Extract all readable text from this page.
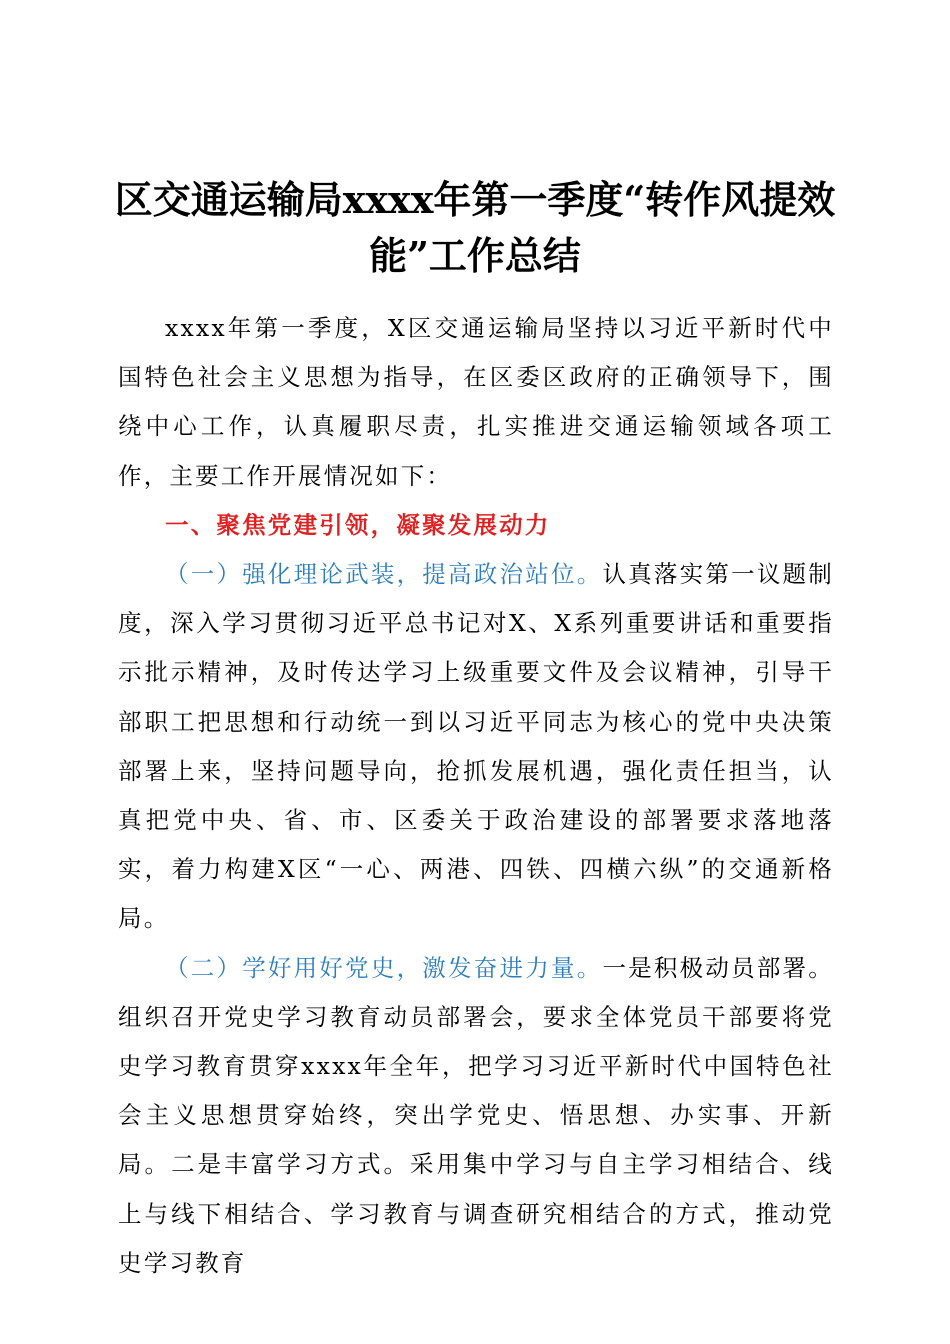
区交通运输局xxxx年第一季度“转作风提效能”工作总结

xxxx年第一季度，X区交通运输局坚持以习近平新时代中国特色社会主义思想为指导，在区委区政府的正确领导下，围绕中心工作，认真履职尽责，扎实推进交通运输领域各项工作，主要工作开展情况如下：

一、聚焦党建引领，凝聚发展动力

（一）强化理论武装，提高政治站位。认真落实第一议题制度，深入学习贯彻习近平总书记对X、X系列重要讲话和重要指示批示精神，及时传达学习上级重要文件及会议精神，引导干部职工把思想和行动统一到以习近平同志为核心的党中央决策部署上来，坚持问题导向，抢抓发展机遇，强化责任担当，认真把党中央、省、市、区委关于政治建设的部署要求落地落实，着力构建X区“一心、两港、四铁、四横六纵”的交通新格局。

（二）学好用好党史，激发奋进力量。一是积极动员部署。组织召开党史学习教育动员部署会，要求全体党员干部要将党史学习教育贯穿xxxx年全年，把学习习近平新时代中国特色社会主义思想贯穿始终，突出学党史、悟思想、办实事、开新局。二是丰富学习方式。采用集中学习与自主学习相结合、线上与线下相结合、学习教育与调查研究相结合的方式，推动党史学习教育
